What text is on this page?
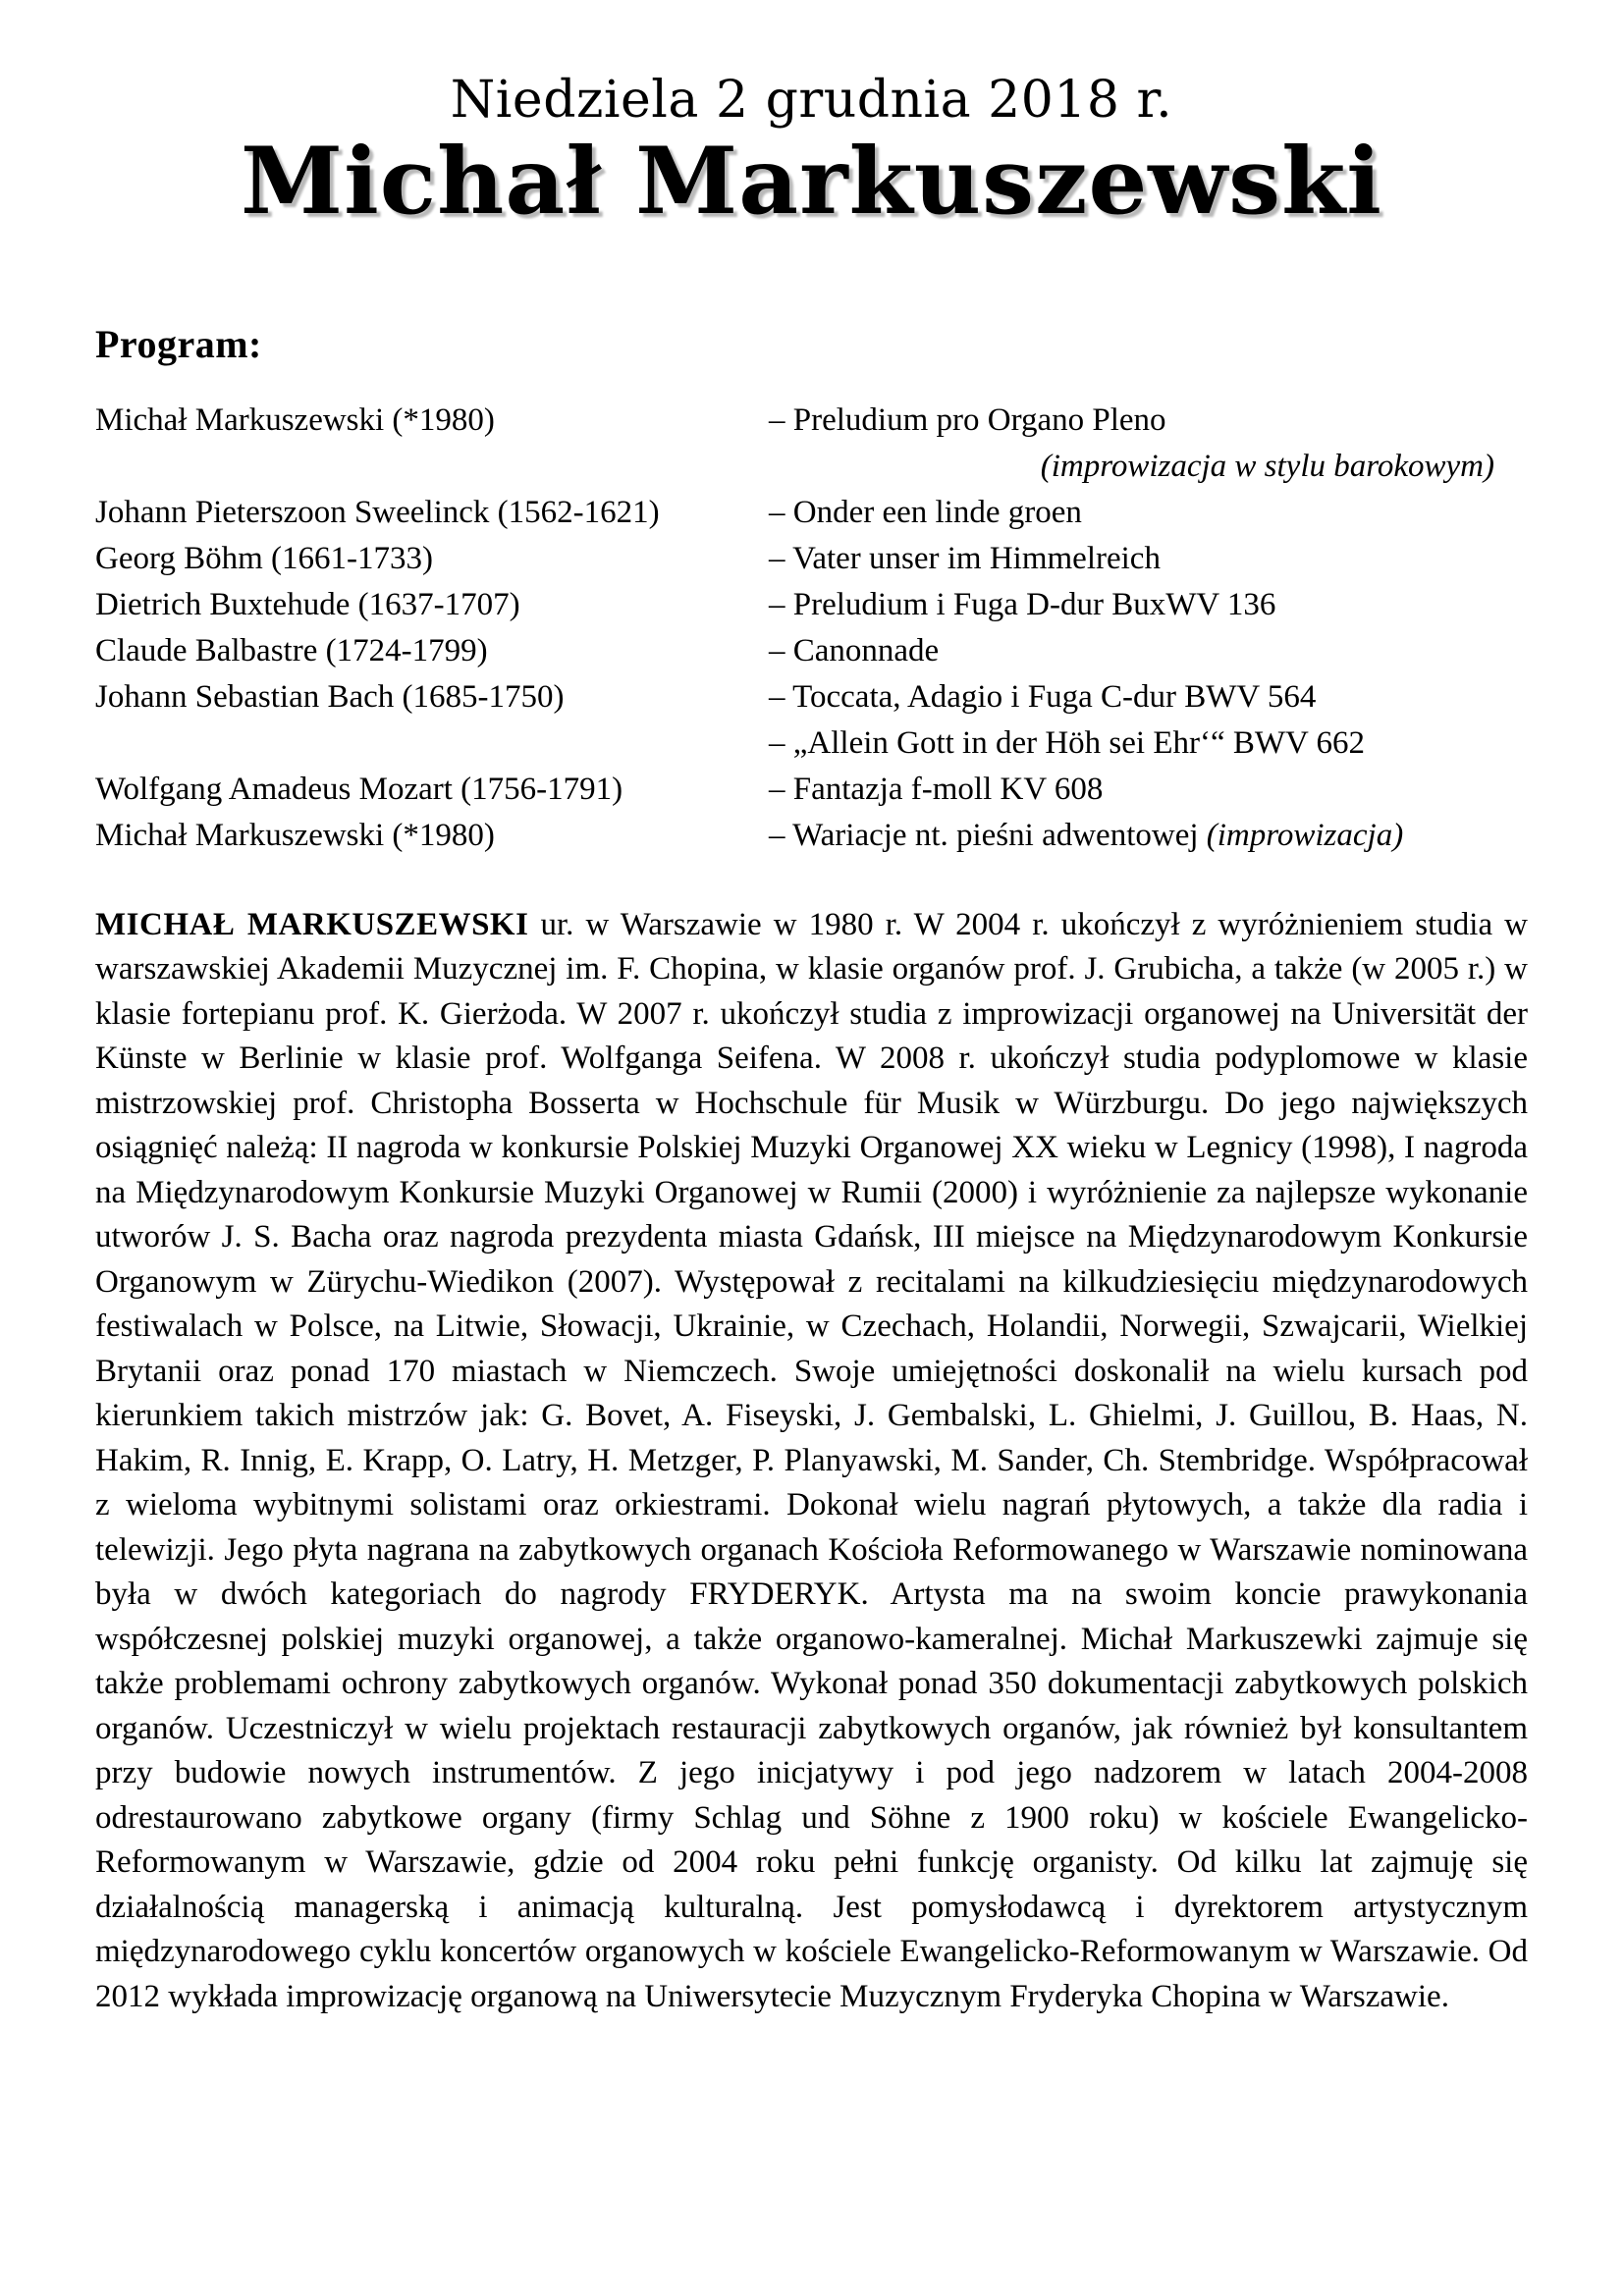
Niedziela 2 grudnia 2018 r.
Michał Markuszewski
Program:
Michał Markuszewski (*1980)	– Preludium pro Organo Pleno
(improwizacja w stylu barokowym)
Johann Pieterszoon Sweelinck (1562-1621)	– Onder een linde groen
Georg Böhm (1661-1733)	– Vater unser im Himmelreich
Dietrich Buxtehude (1637-1707)	– Preludium i Fuga D-dur BuxWV 136
Claude Balbastre (1724-1799)	– Canonnade
Johann Sebastian Bach (1685-1750)	– Toccata, Adagio i Fuga C-dur BWV 564
– „Allein Gott in der Höh sei Ehr‘“ BWV 662
Wolfgang Amadeus Mozart (1756-1791)	– Fantazja f-moll KV 608
Michał Markuszewski (*1980)	– Wariacje nt. pieśni adwentowej (improwizacja)

MICHAŁ MARKUSZEWSKI ur. w Warszawie w 1980 r. W 2004 r. ukończył z wyróżnieniem studia w warszawskiej Akademii Muzycznej im. F. Chopina, w klasie organów prof. J. Grubicha, a także (w 2005 r.) w klasie fortepianu prof. K. Gierżoda. W 2007 r. ukończył studia z improwizacji organowej na Universität der Künste w Berlinie w klasie prof. Wolfganga Seifena. W 2008 r. ukończył studia podyplomowe w klasie mistrzowskiej prof. Christopha Bosserta w Hochschule für Musik w Würzburgu. Do jego największych osiągnięć należą: II nagroda w konkursie Polskiej Muzyki Organowej XX wieku w Legnicy (1998), I nagroda na Międzynarodowym Konkursie Muzyki Organowej w Rumii (2000) i wyróżnienie za najlepsze wykonanie utworów J. S. Bacha oraz nagroda prezydenta miasta Gdańsk, III miejsce na Międzynarodowym Konkursie Organowym w Zürychu-Wiedikon (2007). Występował z recitalami na kilkudziesięciu międzynarodowych festiwalach w Polsce, na Litwie, Słowacji, Ukrainie, w Czechach, Holandii, Norwegii, Szwajcarii, Wielkiej Brytanii oraz ponad 170 miastach w Niemczech. Swoje umiejętności doskonalił na wielu kursach pod kierunkiem takich mistrzów jak: G. Bovet, A. Fiseyski, J. Gembalski, L. Ghielmi, J. Guillou, B. Haas, N. Hakim, R. Innig, E. Krapp, O. Latry, H. Metzger, P. Planyawski, M. Sander, Ch. Stembridge. Współpracował z wieloma wybitnymi solistami oraz orkiestrami. Dokonał wielu nagrań płytowych, a także dla radia i telewizji. Jego płyta nagrana na zabytkowych organach Kościoła Reformowanego w Warszawie nominowana była w dwóch kategoriach do nagrody FRYDERYK. Artysta ma na swoim koncie prawykonania współczesnej polskiej muzyki organowej, a także organowo-kameralnej. Michał Markuszewki zajmuje się także problemami ochrony zabytkowych organów. Wykonał ponad 350 dokumentacji zabytkowych polskich organów. Uczestniczył w wielu projektach restauracji zabytkowych organów, jak również był konsultantem przy budowie nowych instrumentów. Z jego inicjatywy i pod jego nadzorem w latach 2004-2008 odrestaurowano zabytkowe organy (firmy Schlag und Söhne z 1900 roku) w kościele Ewangelicko-Reformowanym w Warszawie, gdzie od 2004 roku pełni funkcję organisty. Od kilku lat zajmuję się działalnością managerską i animacją kulturalną. Jest pomysłodawcą i dyrektorem artystycznym międzynarodowego cyklu koncertów organowych w kościele Ewangelicko-Reformowanym w Warszawie. Od 2012 wykłada improwizację organową na Uniwersytecie Muzycznym Fryderyka Chopina w Warszawie.
